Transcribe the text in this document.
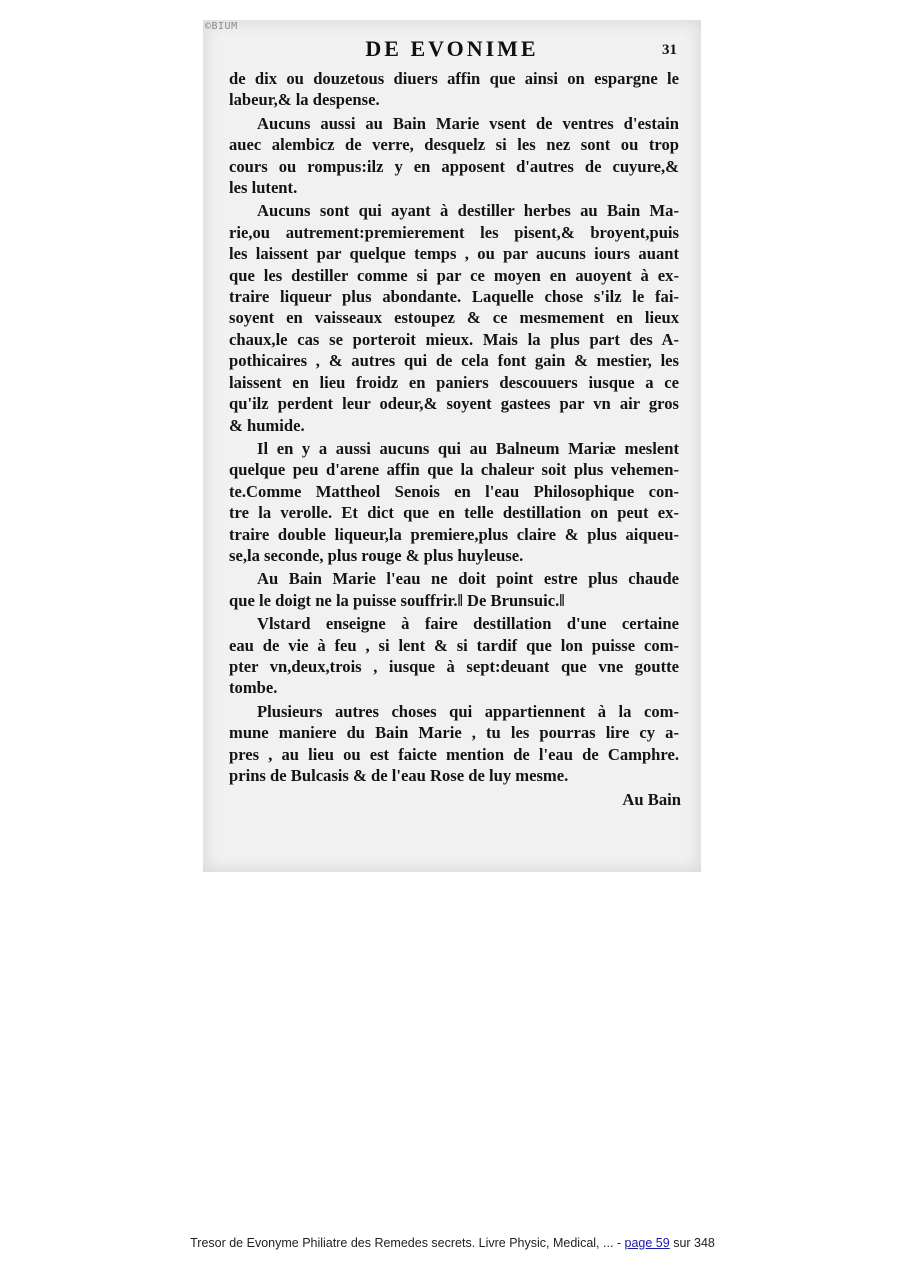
©BIUM
DE EVONIME	31
de dix ou douzetous diuers affin que ainsi on espargne le
labeur,& la despense.
Aucuns aussi au Bain Marie vsent de ventres d'estain
auec alembicz de verre, desquelz si les nez sont ou trop
cours ou rompus:ilz y en apposent d'autres de cuyure,&
les lutent.
Aucuns sont qui ayant à destiller herbes au Bain Ma-
rie,ou autrement:premierement les pisent,& broyent,puis
les laissent par quelque temps , ou par aucuns iours auant
que les destiller comme si par ce moyen en auoyent à ex-
traire liqueur plus abondante. Laquelle chose s'ilz le fai-
soyent en vaisseaux estoupez & ce mesmement en lieux
chaux,le cas se porteroit mieux. Mais la plus part des A-
pothicaires , & autres qui de cela font gain & mestier, les
laissent en lieu froidz en paniers descouuers iusque a ce
qu'ilz perdent leur odeur,& soyent gastees par vn air gros
& humide.
Il en y a aussi aucuns qui au Balneum Mariæ meslent
quelque peu d'arene affin que la chaleur soit plus vehemen-
te.Comme Mattheol Senois en l'eau Philosophique con-
tre la verolle. Et dict que en telle destillation on peut ex-
traire double liqueur,la premiere,plus claire & plus aiqueu-
se,la seconde, plus rouge & plus huyleuse.
Au Bain Marie l'eau ne doit point estre plus chaude
que le doigt ne la puisse souffrir.‖ De Brunsuic.‖
Vlstard enseigne à faire destillation d'une certaine
eau de vie à feu , si lent & si tardif que lon puisse com-
pter vn,deux,trois , iusque à sept:deuant que vne goutte
tombe.
Plusieurs autres choses qui appartiennent à la com-
mune maniere du Bain Marie , tu les pourras lire cy a-
pres , au lieu ou est faicte mention de l'eau de Camphre.
prins de Bulcasis & de l'eau Rose de luy mesme.
Au Bain
Tresor de Evonyme Philiatre des Remedes secrets. Livre Physic, Medical, ... - page 59 sur 348
